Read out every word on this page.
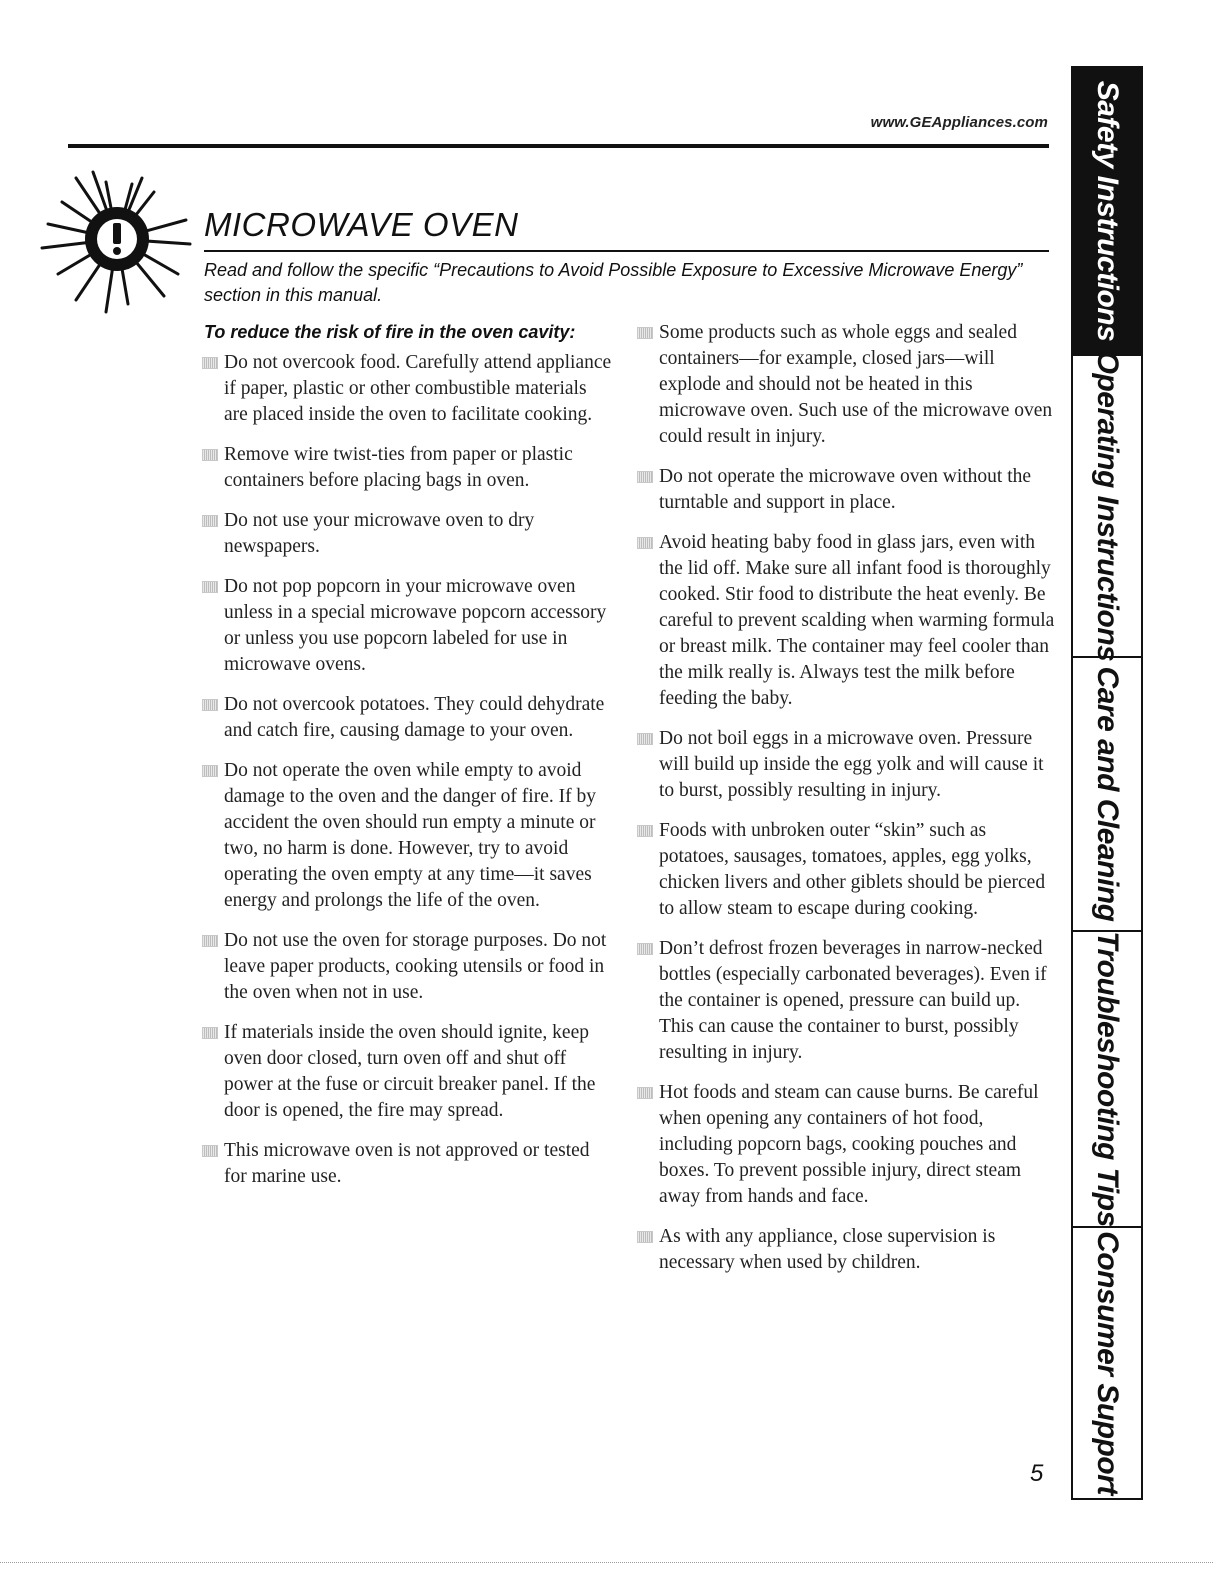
www.GEAppliances.com
MICROWAVE OVEN
Read and follow the specific “Precautions to Avoid Possible Exposure to Excessive Microwave Energy” section in this manual.
To reduce the risk of fire in the oven cavity:
Do not overcook food. Carefully attend appliance if paper, plastic or other combustible materials are placed inside the oven to facilitate cooking.
Remove wire twist-ties from paper or plastic containers before placing bags in oven.
Do not use your microwave oven to dry newspapers.
Do not pop popcorn in your microwave oven unless in a special microwave popcorn accessory or unless you use popcorn labeled for use in microwave ovens.
Do not overcook potatoes. They could dehydrate and catch fire, causing damage to your oven.
Do not operate the oven while empty to avoid damage to the oven and the danger of fire. If by accident the oven should run empty a minute or two, no harm is done. However, try to avoid operating the oven empty at any time—it saves energy and prolongs the life of the oven.
Do not use the oven for storage purposes. Do not leave paper products, cooking utensils or food in the oven when not in use.
If materials inside the oven should ignite, keep oven door closed, turn oven off and shut off power at the fuse or circuit breaker panel. If the door is opened, the fire may spread.
This microwave oven is not approved or tested for marine use.
Some products such as whole eggs and sealed containers—for example, closed jars—will explode and should not be heated in this microwave oven. Such use of the microwave oven could result in injury.
Do not operate the microwave oven without the turntable and support in place.
Avoid heating baby food in glass jars, even with the lid off. Make sure all infant food is thoroughly cooked. Stir food to distribute the heat evenly. Be careful to prevent scalding when warming formula or breast milk. The container may feel cooler than the milk really is. Always test the milk before feeding the baby.
Do not boil eggs in a microwave oven. Pressure will build up inside the egg yolk and will cause it to burst, possibly resulting in injury.
Foods with unbroken outer “skin” such as potatoes, sausages, tomatoes, apples, egg yolks, chicken livers and other giblets should be pierced to allow steam to escape during cooking.
Don’t defrost frozen beverages in narrow-necked bottles (especially carbonated beverages). Even if the container is opened, pressure can build up. This can cause the container to burst, possibly resulting in injury.
Hot foods and steam can cause burns. Be careful when opening any containers of hot food, including popcorn bags, cooking pouches and boxes. To prevent possible injury, direct steam away from hands and face.
As with any appliance, close supervision is necessary when used by children.
Safety Instructions
Operating Instructions
Care and Cleaning
Troubleshooting Tips
Consumer Support
5
